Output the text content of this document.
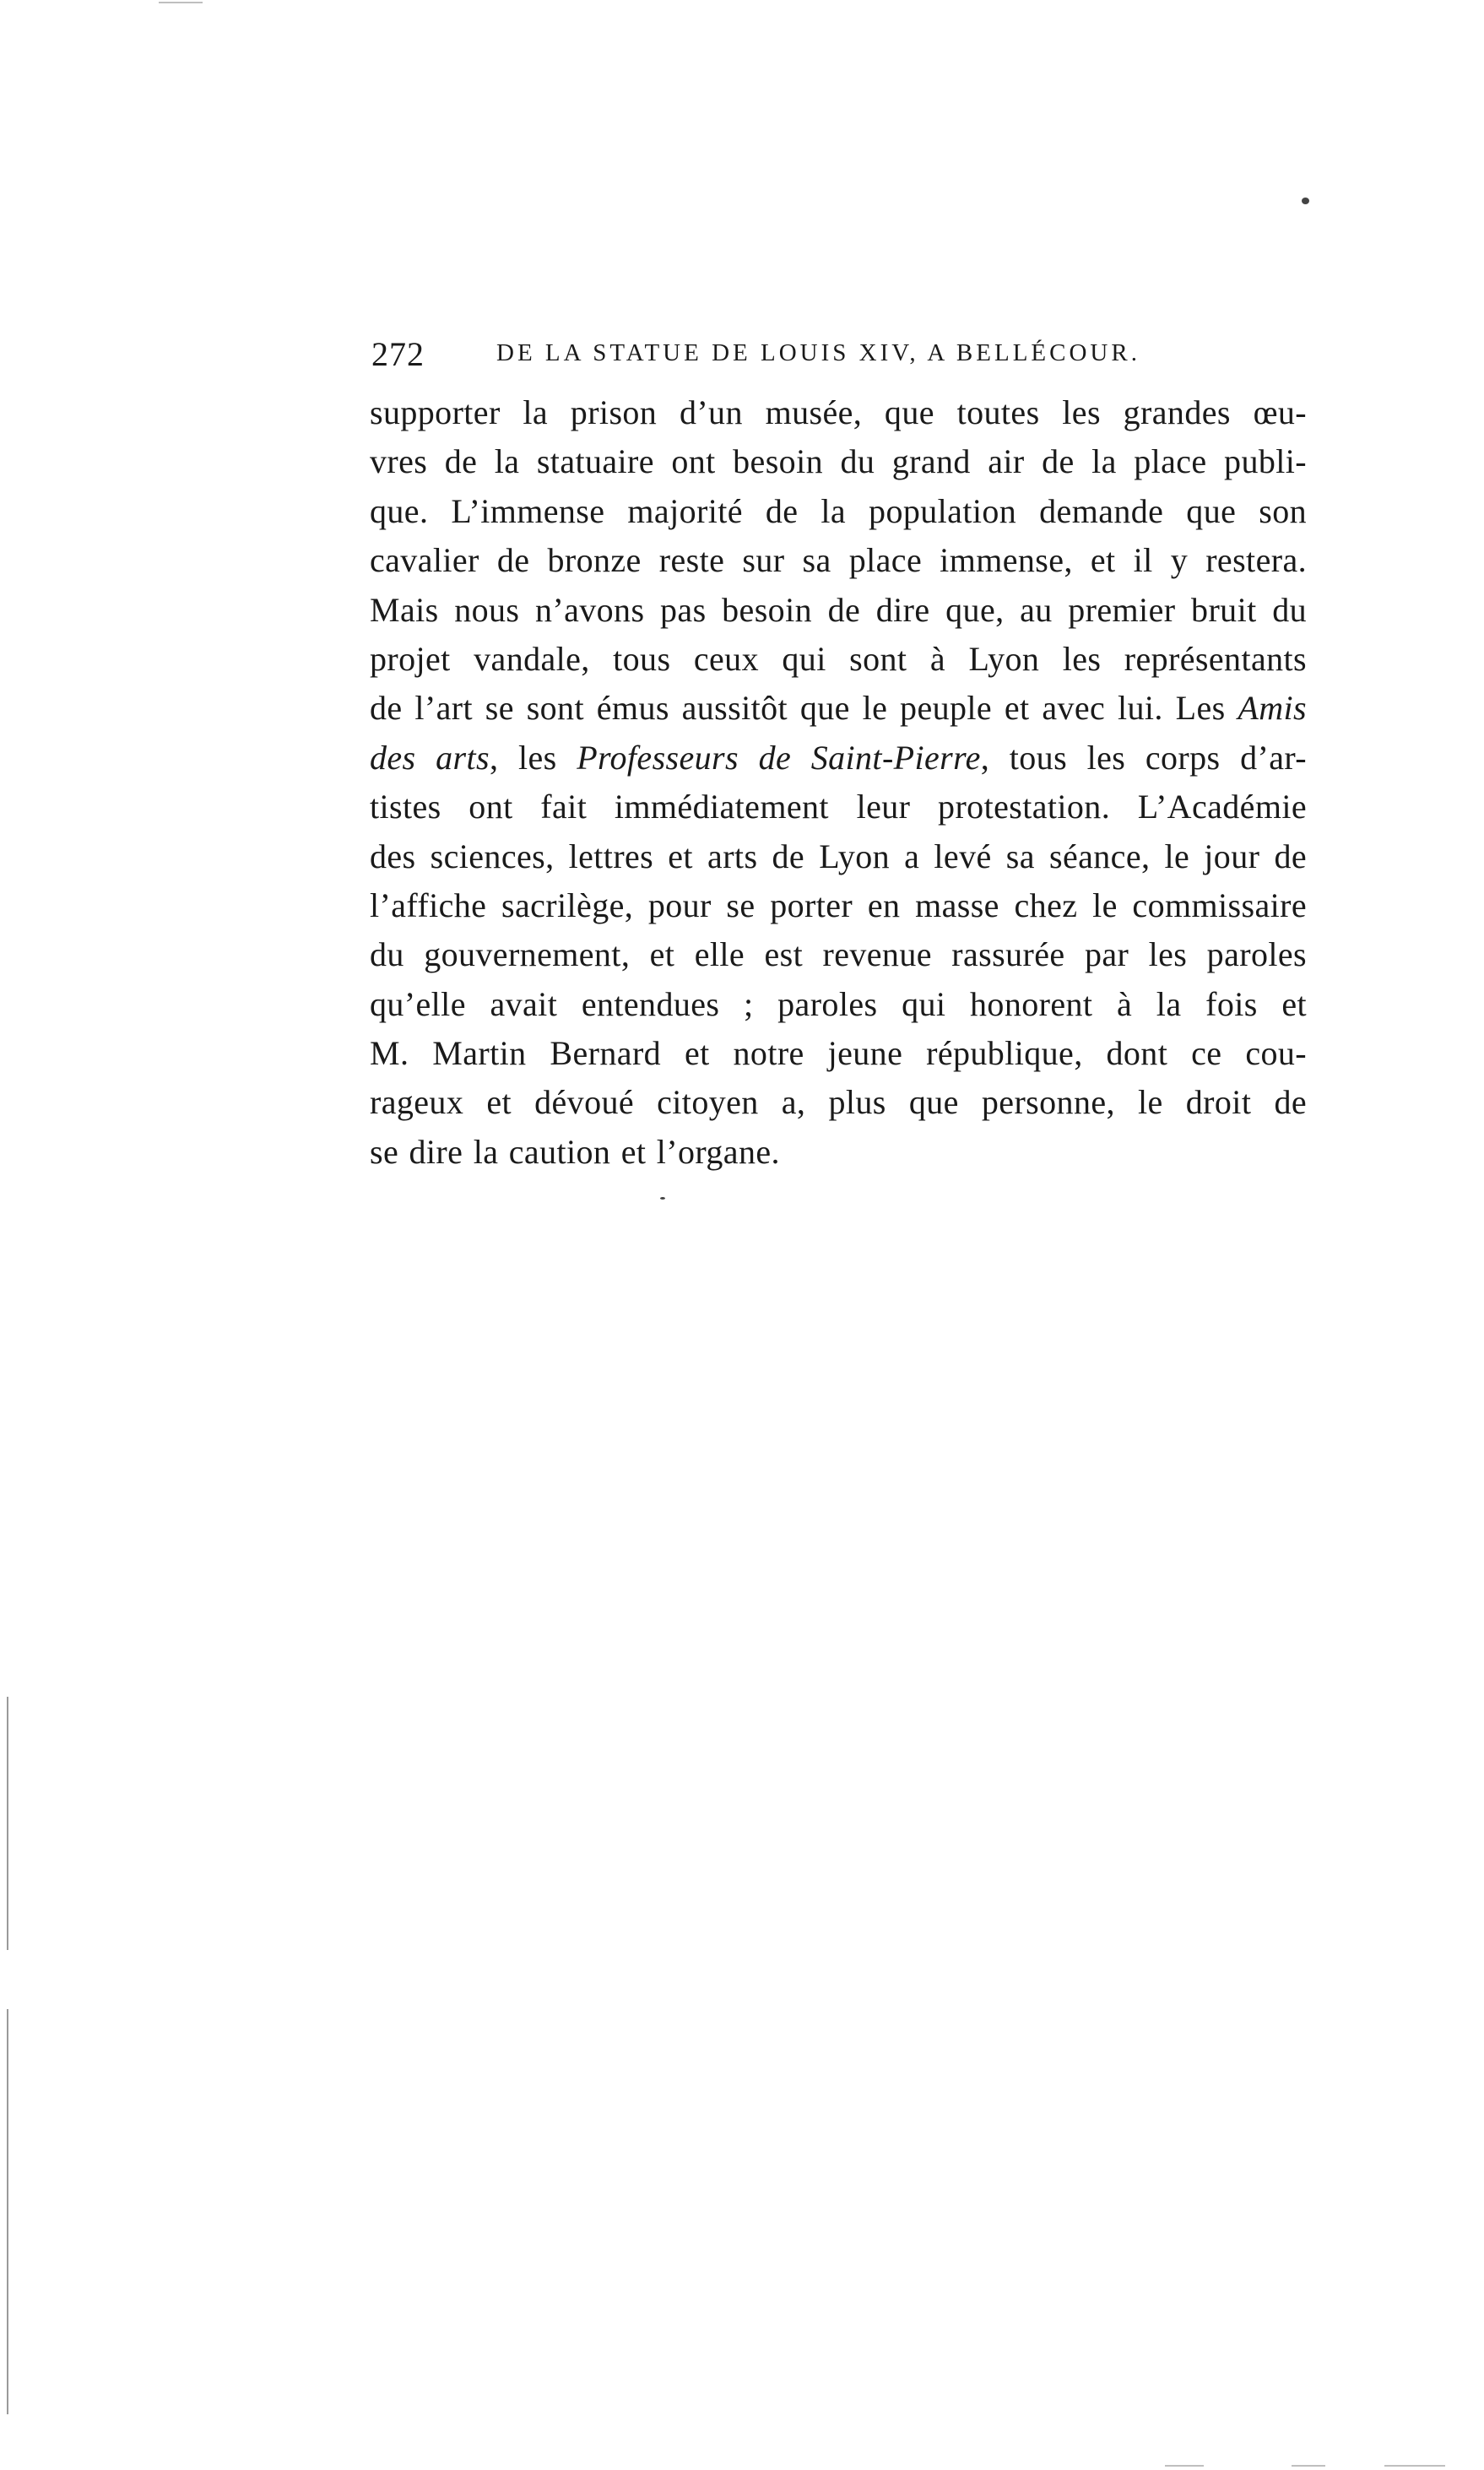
272	DE LA STATUE DE LOUIS XIV, A BELLÉCOUR.
supporter la prison d’un musée, que toutes les grandes œu-
vres de la statuaire ont besoin du grand air de la place publi-
que. L’immense majorité de la population demande que son
cavalier de bronze reste sur sa place immense, et il y restera.
Mais nous n’avons pas besoin de dire que, au premier bruit du
projet vandale, tous ceux qui sont à Lyon les représentants
de l’art se sont émus aussitôt que le peuple et avec lui. Les Amis
des arts, les Professeurs de Saint-Pierre, tous les corps d’ar-
tistes ont fait immédiatement leur protestation. L’Académie
des sciences, lettres et arts de Lyon a levé sa séance, le jour de
l’affiche sacrilège, pour se porter en masse chez le commissaire
du gouvernement, et elle est revenue rassurée par les paroles
qu’elle avait entendues ; paroles qui honorent à la fois et
M. Martin Bernard et notre jeune république, dont ce cou-
rageux et dévoué citoyen a, plus que personne, le droit de
se dire la caution et l’organe.
